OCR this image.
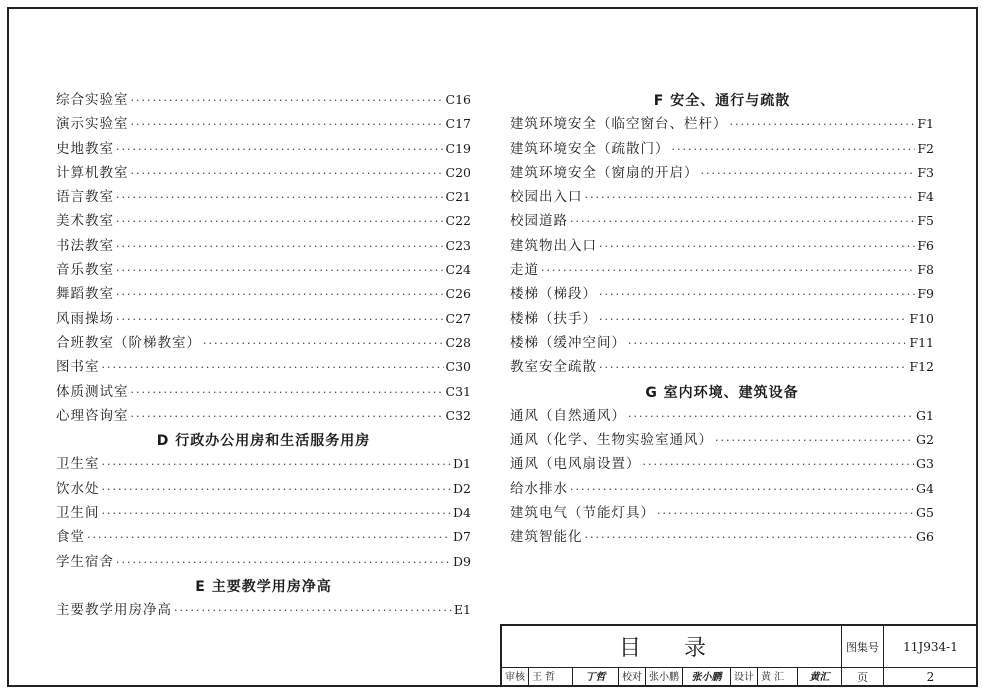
综合实验室 ·····	C16
演示实验室 ·····	C17
史地教室 ·····	C19
计算机教室 ·····	C20
语言教室 ·····	C21
美术教室 ·····	C22
书法教室 ·····	C23
音乐教室 ·····	C24
舞蹈教室 ·····	C26
风雨操场 ·····	C27
合班教室（阶梯教室） ·····	C28
图书室 ·····	C30
体质测试室 ·····	C31
心理咨询室 ·····	C32
D 行政办公用房和生活服务用房
卫生室 ·····	D1
饮水处 ·····	D2
卫生间 ·····	D4
食堂 ·····	D7
学生宿舍 ·····	D9
E 主要教学用房净高
主要教学用房净高 ·····	E1
F 安全、通行与疏散
建筑环境安全（临空窗台、栏杆） ·····	F1
建筑环境安全（疏散门） ·····	F2
建筑环境安全（窗扇的开启） ·····	F3
校园出入口 ·····	F4
校园道路 ·····	F5
建筑物出入口 ·····	F6
走道 ·····	F8
楼梯（梯段） ·····	F9
楼梯（扶手） ·····	F10
楼梯（缓冲空间） ·····	F11
教室安全疏散 ·····	F12
G 室内环境、建筑设备
通风（自然通风） ·····	G1
通风（化学、生物实验室通风） ·····	G2
通风（电风扇设置） ·····	G3
给水排水 ·····	G4
建筑电气（节能灯具） ·····	G5
建筑智能化 ·····	G6
目 录	图集号	11J934-1
页	2
审核 王 哲	丁哲	校对 张小鹏	张小鹏	设计 黄 汇	黄汇
